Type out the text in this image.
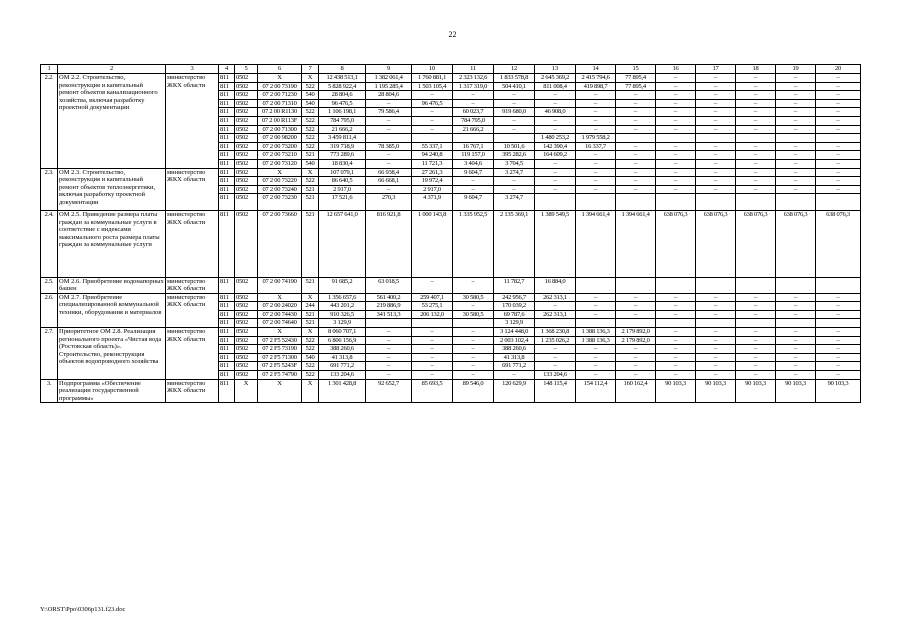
22
1	2	3	4	5	6	7	8	9	10	11	12	13	14	15	16	17	18	19	20
2.2.	ОМ 2.2. Строительство, реконструкция и капитальный ремонт объектов канализационного хозяйства, включая разработку проектной документации	министерство ЖКХ области	811	0502	X	X	12 438 513,1	1 382 061,4	1 760 881,1	2 323 132,6	1 833 578,8	2 645 369,2	2 415 794,6	77 895,4	–	–	–	–	–
			811	0502	07 2 00 73190	522	5 828 922,4	1 195 285,4	1 503 105,4	1 317 319,0	504 410,1	811 008,4	419 898,7	77 895,4	–	–	–	–	–
			811	0502	07 2 00 71230	540	28 804,6	28 804,6	–	–	–	–	–	–	–	–	–	–	–
			811	0502	07 2 00 71310	540	96 476,5	–	96 476,5	–	–	–	–	–	–	–	–	–	–
			811	0502	07 2 00 R1130	522	1 106 198,1	79 586,4	–	60 023,7	919 680,0	46 908,0	–	–	–	–	–	–	–
			811	0502	07 2 00 R113F	522	784 795,0	–	–	784 795,0	–	–	–	–	–	–	–	–	–
			811	0502	07 2 00 71300	522	21 666,2	–	–	21 666,2	–	–	–	–	–	–	–	–	–
			811	0502	07 2 00 98200	522	3 459 811,4					1 480 253,2	1 979 558,2						
			811	0502	07 2 00 73200	522	319 718,9	78 385,0	55 337,1	16 767,1	10 501,6	142 390,4	16 337,7	–	–	–	–	–	–
			811	0502	07 2 00 73210	521	773 289,6	–	94 240,8	119 157,0	395 282,6	164 609,2	–	–	–	–	–	–	–
			811	0502	07 2 00 73120	540	18 830,4	–	11 721,3	3 404,6	3 704,5	–	–	–	–	–	–	–	–
2.3.	ОМ 2.3. Строительство, реконструкция и капитальный ремонт объектов теплоэнергетики, включая разработку проектной документации	министерство ЖКХ области	811	0502	X	X	107 079,1	66 938,4	27 261,3	9 604,7	3 274,7	–	–	–	–	–	–	–	–
			811	0502	07 2 00 73220	522	86 640,5	66 668,1	19 972,4	–	–	–	–	–	–	–	–	–	–
			811	0502	07 2 00 73240	521	2 917,0	–	2 917,0	–	–	–	–	–	–	–	–	–	–
			811	0502	07 2 00 73230	521	17 521,6	270,3	4 371,9	9 604,7	3 274,7								
2.4.	ОМ 2.5. Приведение размера платы граждан за коммунальные услуги в соответствие с индексами максимального роста размера платы граждан за коммунальные услуги	министерство ЖКХ области	811	0502	07 2 00 73660	521	12 657 641,0	816 921,8	1 000 143,8	1 335 952,5	2 135 369,1	1 389 549,5	1 394 661,4	1 394 661,4	638 076,3	638 076,3	638 076,3	638 076,3	638 076,3
2.5.	ОМ 2.6. Приобретение водонапорных башен	министерство ЖКХ области	811	0502	07 2 00 74190	521	91 685,2	63 018,5	–	–	11 782,7	16 884,0							
2.6.	ОМ 2.7. Приобретение специализированной коммунальной техники, оборудования и материалов	министерство ЖКХ области	811	0502	X	X	1 356 657,6	561 400,2	259 407,1	30 580,5	242 956,7	262 313,1	–	–	–	–	–	–	–
			811	0502	07 2 00 24020	244	443 201,2	219 886,9	53 275,1	–	170 039,2	–	–	–	–	–	–	–	–
			811	0502	07 2 00 74430	521	910 326,5	341 513,3	206 132,0	30 580,5	69 787,6	262 313,1	–	–	–	–	–	–	–
			811	0502	07 2 00 74640	521	3 129,9				3 129,9								
2.7.	Приоритетное ОМ 2.8. Реализация регионального проекта «Чистая вода (Ростовская область)». Строительство, реконструкция объектов водопроводного хозяйства	министерство ЖКХ области	811	0502	X	X	8 060 707,1	–	–	–	3 124 448,0	1 368 230,8	1 388 136,3	2 179 892,0	–	–	–	–	–
			811	0502	07 2 F5 52430	522	6 806 156,9	–	–	–	2 003 102,4	1 235 026,2	1 388 136,3	2 179 892,0	–	–	–	–	–
			811	0502	07 2 F5 73190	522	388 260,6	–	–	–	388 260,6	–	–	–	–	–	–	–	–
			811	0502	07 2 F5 71300	540	41 313,8	–	–	–	41 313,8	–	–	–	–	–	–	–	–
			811	0502	07 2 F5 5243F	522	691 771,2	–	–	–	691 771,2	–	–	–	–	–	–	–	–
			811	0502	07 2 F5 74790	522	133 204,6	–	–	–	–	133 204,6	–	–	–	–	–	–	–
3.	Подпрограмма «Обеспечение реализации государственной программы»	министерство ЖКХ области	811	X	X	X	1 301 428,8	92 652,7	85 693,5	89 546,0	120 629,9	148 115,4	154 112,4	160 162,4	90 103,3	90 103,3	90 103,3	90 103,3	90 103,3
Y:\ORST\Ppo\0306p131.f23.doc
